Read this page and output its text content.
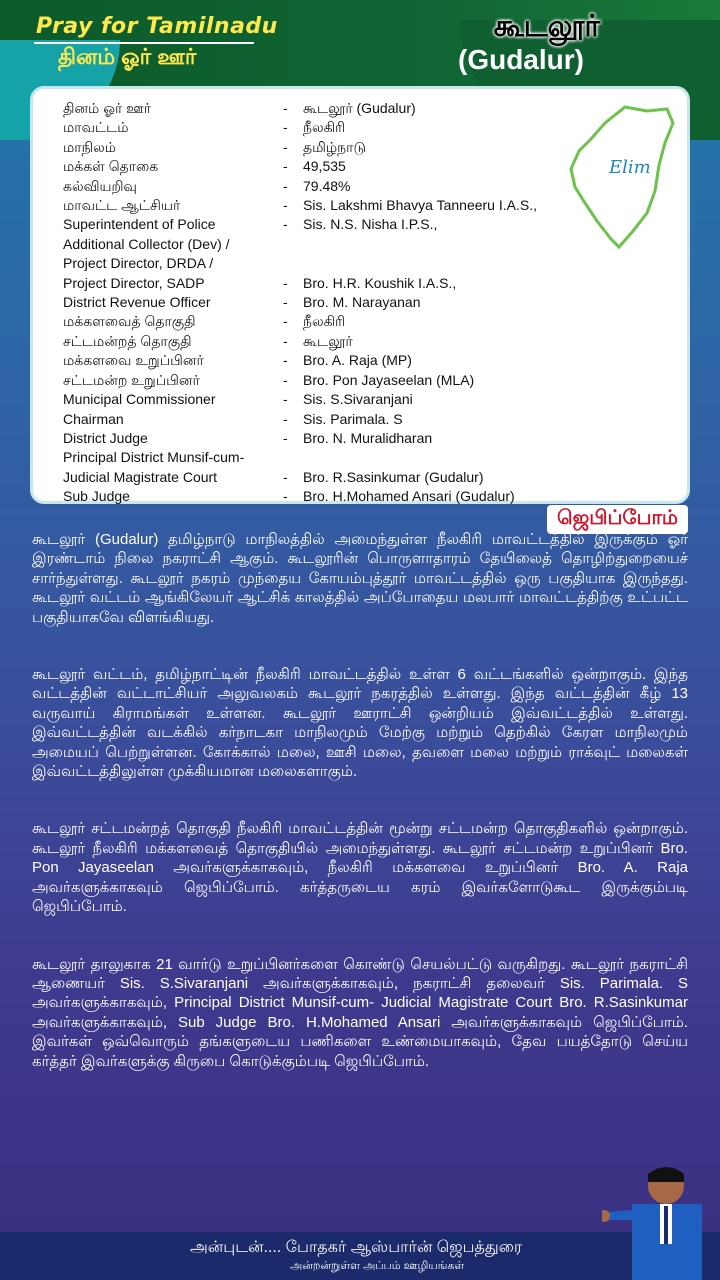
Pray for Tamilnadu
தினம் ஓர் ஊர்
கூடலூர்
(Gudalur)
தினம் ஓர் ஊர்	-	கூடலூர் (Gudalur)
மாவட்டம்	-	நீலகிரி
மாநிலம்	-	தமிழ்நாடு
மக்கள் தொகை	-	49,535
கல்வியறிவு	-	79.48%
மாவட்ட ஆட்சியர்	-	Sis. Lakshmi Bhavya Tanneeru I.A.S.,
Superintendent of Police	-	Sis. N.S. Nisha I.P.S.,
Additional Collector (Dev) /
Project Director, DRDA /
Project Director, SADP	-	Bro. H.R. Koushik I.A.S.,
District Revenue Officer	-	Bro. M. Narayanan
மக்களவைத் தொகுதி	-	நீலகிரி
சட்டமன்றத் தொகுதி	-	கூடலூர்
மக்களவை உறுப்பினர்	-	Bro. A. Raja (MP)
சட்டமன்ற உறுப்பினர்	-	Bro. Pon Jayaseelan (MLA)
Municipal Commissioner	-	Sis. S.Sivaranjani
Chairman	-	Sis. Parimala. S
District Judge	-	Bro. N. Muralidharan
Principal District Munsif-cum-
Judicial Magistrate Court	-	Bro. R.Sasinkumar (Gudalur)
Sub Judge	-	Bro. H.Mohamed Ansari (Gudalur)
Elim
ஜெபிப்போம்

கூடலூர் (Gudalur) தமிழ்நாடு மாநிலத்தில் அமைந்துள்ள நீலகிரி மாவட்டத்தில் இருக்கும் ஓர் இரண்டாம் நிலை நகராட்சி ஆகும். கூடலூரின் பொருளாதாரம் தேயிலைத் தொழிற்துறையைச் சார்ந்துள்ளது. கூடலூர் நகரம் முந்தைய கோயம்புத்தூர் மாவட்டத்தில் ஒரு பகுதியாக இருந்தது. கூடலூர் வட்டம் ஆங்கிலேயர் ஆட்சிக் காலத்தில் அப்போதைய மலபார் மாவட்டத்திற்கு உட்பட்ட பகுதியாகவே விளங்கியது.

கூடலூர் வட்டம், தமிழ்நாட்டின் நீலகிரி மாவட்டத்தில் உள்ள 6 வட்டங்களில் ஒன்றாகும். இந்த வட்டத்தின் வட்டாட்சியர் அலுவலகம் கூடலூர் நகரத்தில் உள்ளது. இந்த வட்டத்தின் கீழ் 13 வருவாய் கிராமங்கள் உள்ளன. கூடலூர் ஊராட்சி ஒன்றியம் இவ்வட்டத்தில் உள்ளது. இவ்வட்டத்தின் வடக்கில் கர்நாடகா மாநிலமும் மேற்கு மற்றும் தெற்கில் கேரள மாநிலமும் அமையப் பெற்றுள்ளன. கோக்கால் மலை, ஊசி மலை, தவளை மலை மற்றும் ராக்வுட் மலைகள் இவ்வட்டத்திலுள்ள முக்கியமான மலைகளாகும்.

கூடலூர் சட்டமன்றத் தொகுதி நீலகிரி மாவட்டத்தின் மூன்று சட்டமன்ற தொகுதிகளில் ஒன்றாகும். கூடலூர் நீலகிரி மக்களவைத் தொகுதியில் அமைந்துள்ளது. கூடலூர் சட்டமன்ற உறுப்பினர் Bro. Pon Jayaseelan அவர்களுக்காகவும், நீலகிரி மக்களவை உறுப்பினர் Bro. A. Raja அவர்களுக்காகவும் ஜெபிப்போம். கர்த்தருடைய கரம் இவர்களோடுகூட இருக்கும்படி ஜெபிப்போம்.

கூடலூர் தாலுகாக 21 வார்டு உறுப்பினர்களை கொண்டு செயல்பட்டு வருகிறது. கூடலூர் நகராட்சி ஆணையர் Sis. S.Sivaranjani அவர்களுக்காகவும், நகராட்சி தலைவர் Sis. Parimala. S அவர்களுக்காகவும், Principal District Munsif-cum- Judicial Magistrate Court Bro. R.Sasinkumar அவர்களுக்காகவும், Sub Judge Bro. H.Mohamed Ansari அவர்களுக்காகவும் ஜெபிப்போம். இவர்கள் ஒவ்வொரும் தங்களுடைய பணிகளை உண்மையாகவும், தேவ பயத்தோடு செய்ய கர்த்தர் இவர்களுக்கு கிருபை கொடுக்கும்படி ஜெபிப்போம்.

அன்புடன்.... போதகர் ஆஸ்பார்ன் ஜெபத்துரை
அன்றன்றுள்ள அப்பம் ஊழியங்கள்
